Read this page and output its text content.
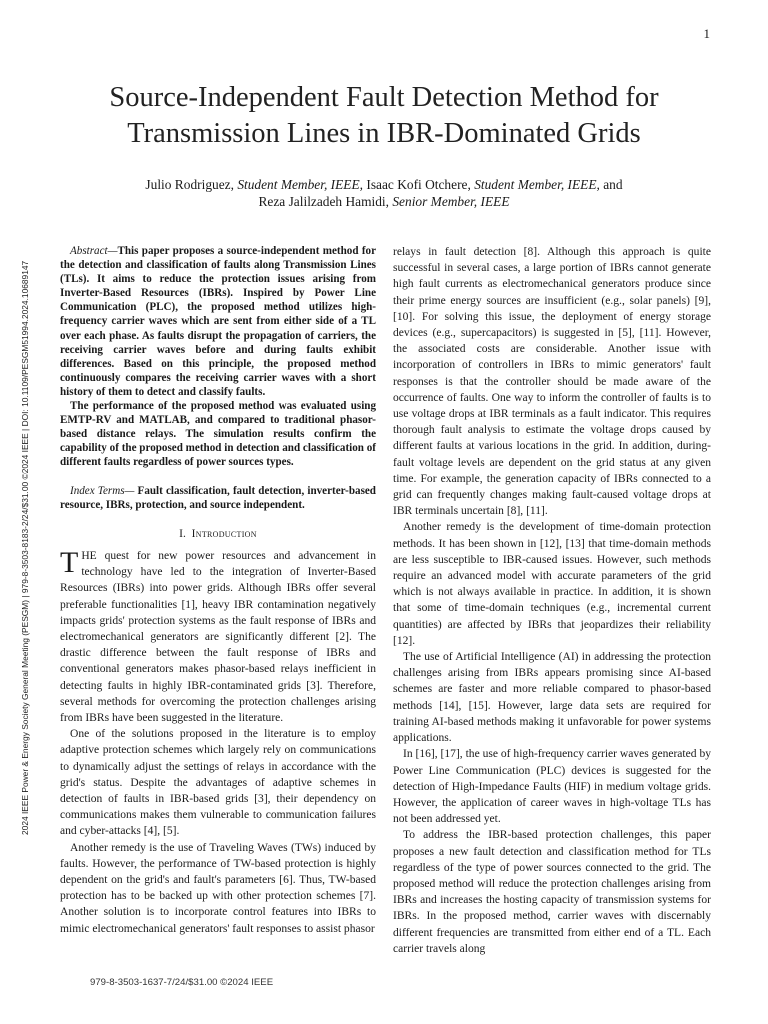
1
Source-Independent Fault Detection Method for
Transmission Lines in IBR-Dominated Grids
Julio Rodriguez, Student Member, IEEE, Isaac Kofi Otchere, Student Member, IEEE, and
Reza Jalilzadeh Hamidi, Senior Member, IEEE
2024 IEEE Power & Energy Society General Meeting (PESGM) | 979-8-3503-8183-2/24/$31.00 ©2024 IEEE | DOI: 10.1109/PESGM51994.2024.10689147

Abstract—This paper proposes a source-independent method for the detection and classification of faults along Transmission Lines (TLs). It aims to reduce the protection issues arising from Inverter-Based Resources (IBRs). Inspired by Power Line Communication (PLC), the proposed method utilizes high-frequency carrier waves which are sent from either side of a TL over each phase. As faults disrupt the propagation of carriers, the receiving carrier waves before and during faults exhibit differences. Based on this principle, the proposed method continuously compares the receiving carrier waves with a short history of them to detect and classify faults.

The performance of the proposed method was evaluated using EMTP-RV and MATLAB, and compared to traditional phasor-based distance relays. The simulation results confirm the capability of the proposed method in detection and classification of different faults regardless of power sources types.

Index Terms— Fault classification, fault detection, inverter-based resource, IBRs, protection, and source independent.

I. Introduction

THE quest for new power resources and advancement in technology have led to the integration of Inverter-Based Resources (IBRs) into power grids. Although IBRs offer several preferable functionalities [1], heavy IBR contamination negatively impacts grids' protection systems as the fault response of IBRs and electromechanical generators are significantly different [2]. The drastic difference between the fault response of IBRs and conventional generators makes phasor-based relays inefficient in detecting faults in highly IBR-contaminated grids [3]. Therefore, several methods for overcoming the protection challenges arising from IBRs have been suggested in the literature.

One of the solutions proposed in the literature is to employ adaptive protection schemes which largely rely on communications to dynamically adjust the settings of relays in accordance with the grid's status. Despite the advantages of adaptive schemes in detection of faults in IBR-based grids [3], their dependency on communications makes them vulnerable to communication failures and cyber-attacks [4], [5].

Another remedy is the use of Traveling Waves (TWs) induced by faults. However, the performance of TW-based protection is highly dependent on the grid's and fault's parameters [6]. Thus, TW-based protection has to be backed up with other protection schemes [7]. Another solution is to incorporate control features into IBRs to mimic electromechanical generators' fault responses to assist phasor

relays in fault detection [8]. Although this approach is quite successful in several cases, a large portion of IBRs cannot generate high fault currents as electromechanical generators produce since their prime energy sources are insufficient (e.g., solar panels) [9], [10]. For solving this issue, the deployment of energy storage devices (e.g., supercapacitors) is suggested in [5], [11]. However, the associated costs are considerable. Another issue with incorporation of controllers in IBRs to mimic generators' fault responses is that the controller should be made aware of the occurrence of faults. One way to inform the controller of faults is to use voltage drops at IBR terminals as a fault indicator. This requires thorough fault analysis to estimate the voltage drops caused by different faults at various locations in the grid. In addition, during-fault voltage levels are dependent on the grid status at any given time. For example, the generation capacity of IBRs connected to a grid can frequently changes making fault-caused voltage drops at IBR terminals uncertain [8], [11].

Another remedy is the development of time-domain protection methods. It has been shown in [12], [13] that time-domain methods are less susceptible to IBR-caused issues. However, such methods require an advanced model with accurate parameters of the grid which is not always available in practice. In addition, it is shown that some of time-domain techniques (e.g., incremental current quantities) are affected by IBRs that jeopardizes their reliability [12].

The use of Artificial Intelligence (AI) in addressing the protection challenges arising from IBRs appears promising since AI-based schemes are faster and more reliable compared to phasor-based methods [14], [15]. However, large data sets are required for training AI-based methods making it unfavorable for power systems applications.

In [16], [17], the use of high-frequency carrier waves generated by Power Line Communication (PLC) devices is suggested for the detection of High-Impedance Faults (HIF) in medium voltage grids. However, the application of career waves in high-voltage TLs has not been addressed yet.

To address the IBR-based protection challenges, this paper proposes a new fault detection and classification method for TLs regardless of the type of power sources connected to the grid. The proposed method will reduce the protection challenges arising from IBRs and increases the hosting capacity of transmission systems for IBRs. In the proposed method, carrier waves with discernably different frequencies are transmitted from either end of a TL. Each carrier travels along

979-8-3503-1637-7/24/$31.00 ©2024 IEEE
